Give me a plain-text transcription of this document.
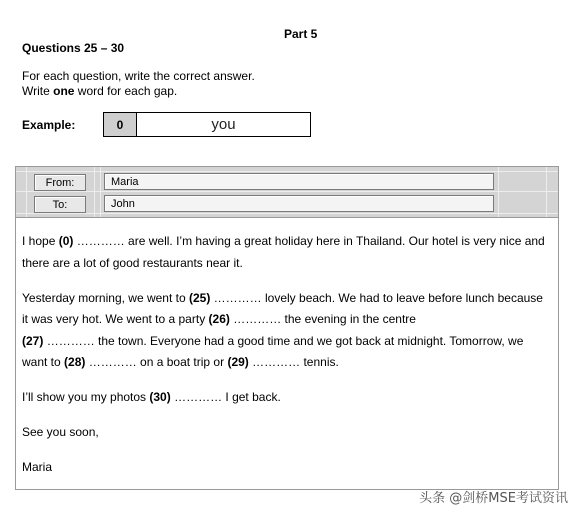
Part 5
Questions 25 – 30
For each question, write the correct answer.
Write one word for each gap.
Example:	0	you
From:	Maria
To:	John

I hope (0) ………… are well. I’m having a great holiday here in Thailand. Our hotel is very nice and there are a lot of good restaurants near it.

Yesterday morning, we went to (25) ………… lovely beach. We had to leave before lunch because it was very hot. We went to a party (26) ………… the evening in the centre
(27) ………… the town. Everyone had a good time and we got back at midnight. Tomorrow, we want to (28) ………… on a boat trip or (29) ………… tennis.

I’ll show you my photos (30) ………… I get back.

See you soon,

Maria

头条 @剑桥MSE考试资讯
